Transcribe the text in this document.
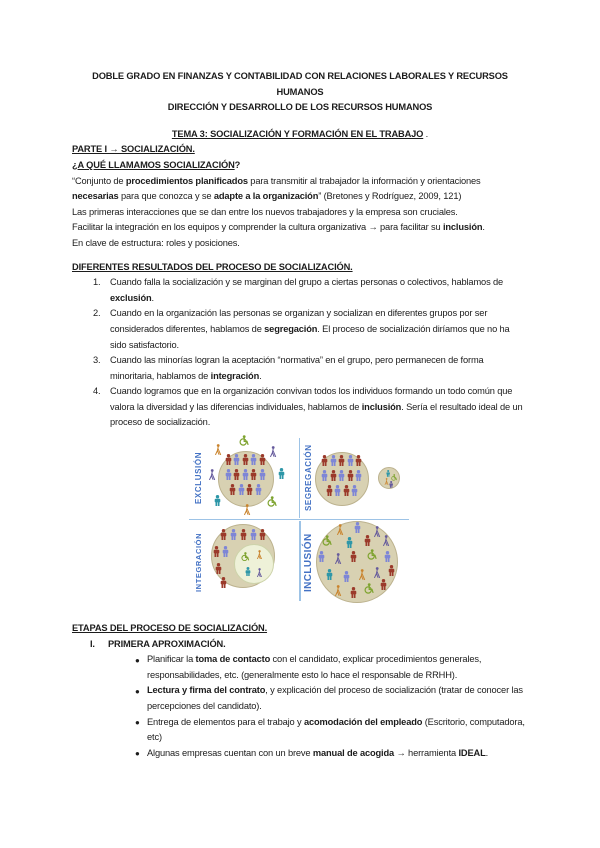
DOBLE GRADO EN FINANZAS Y CONTABILIDAD CON RELACIONES LABORALES Y RECURSOS HUMANOS

DIRECCIÓN Y DESARROLLO DE LOS RECURSOS HUMANOS

TEMA 3: SOCIALIZACIÓN Y FORMACIÓN EN EL TRABAJO .

PARTE I → SOCIALIZACIÓN.

¿A QUÉ LLAMAMOS SOCIALIZACIÓN?

“Conjunto de procedimientos planificados para transmitir al trabajador la información y orientaciones necesarias para que conozca y se adapte a la organización” (Bretones y Rodríguez, 2009, 121)

Las primeras interacciones que se dan entre los nuevos trabajadores y la empresa son cruciales.

Facilitar la integración en los equipos y comprender la cultura organizativa → para facilitar su inclusión.

En clave de estructura: roles y posiciones.

DIFERENTES RESULTADOS DEL PROCESO DE SOCIALIZACIÓN.

1. Cuando falla la socialización y se marginan del grupo a ciertas personas o colectivos, hablamos de exclusión.
2. Cuando en la organización las personas se organizan y socializan en diferentes grupos por ser considerados diferentes, hablamos de segregación. El proceso de socialización diríamos que no ha sido satisfactorio.
3. Cuando las minorías logran la aceptación “normativa” en el grupo, pero permanecen de forma minoritaria, hablamos de integración.
4. Cuando logramos que en la organización convivan todos los individuos formando un todo común que valora la diversidad y las diferencias individuales, hablamos de inclusión. Sería el resultado ideal de un proceso de socialización.
EXCLUSIÓN	SEGREGACIÓN
INTEGRACIÓN	INCLUSIÓN

ETAPAS DEL PROCESO DE SOCIALIZACIÓN.

I. PRIMERA APROXIMACIÓN.
● Planificar la toma de contacto con el candidato, explicar procedimientos generales, responsabilidades, etc. (generalmente esto lo hace el responsable de RRHH).
● Lectura y firma del contrato, y explicación del proceso de socialización (tratar de conocer las percepciones del candidato).
● Entrega de elementos para el trabajo y acomodación del empleado (Escritorio, computadora, etc)
● Algunas empresas cuentan con un breve manual de acogida → herramienta IDEAL.
